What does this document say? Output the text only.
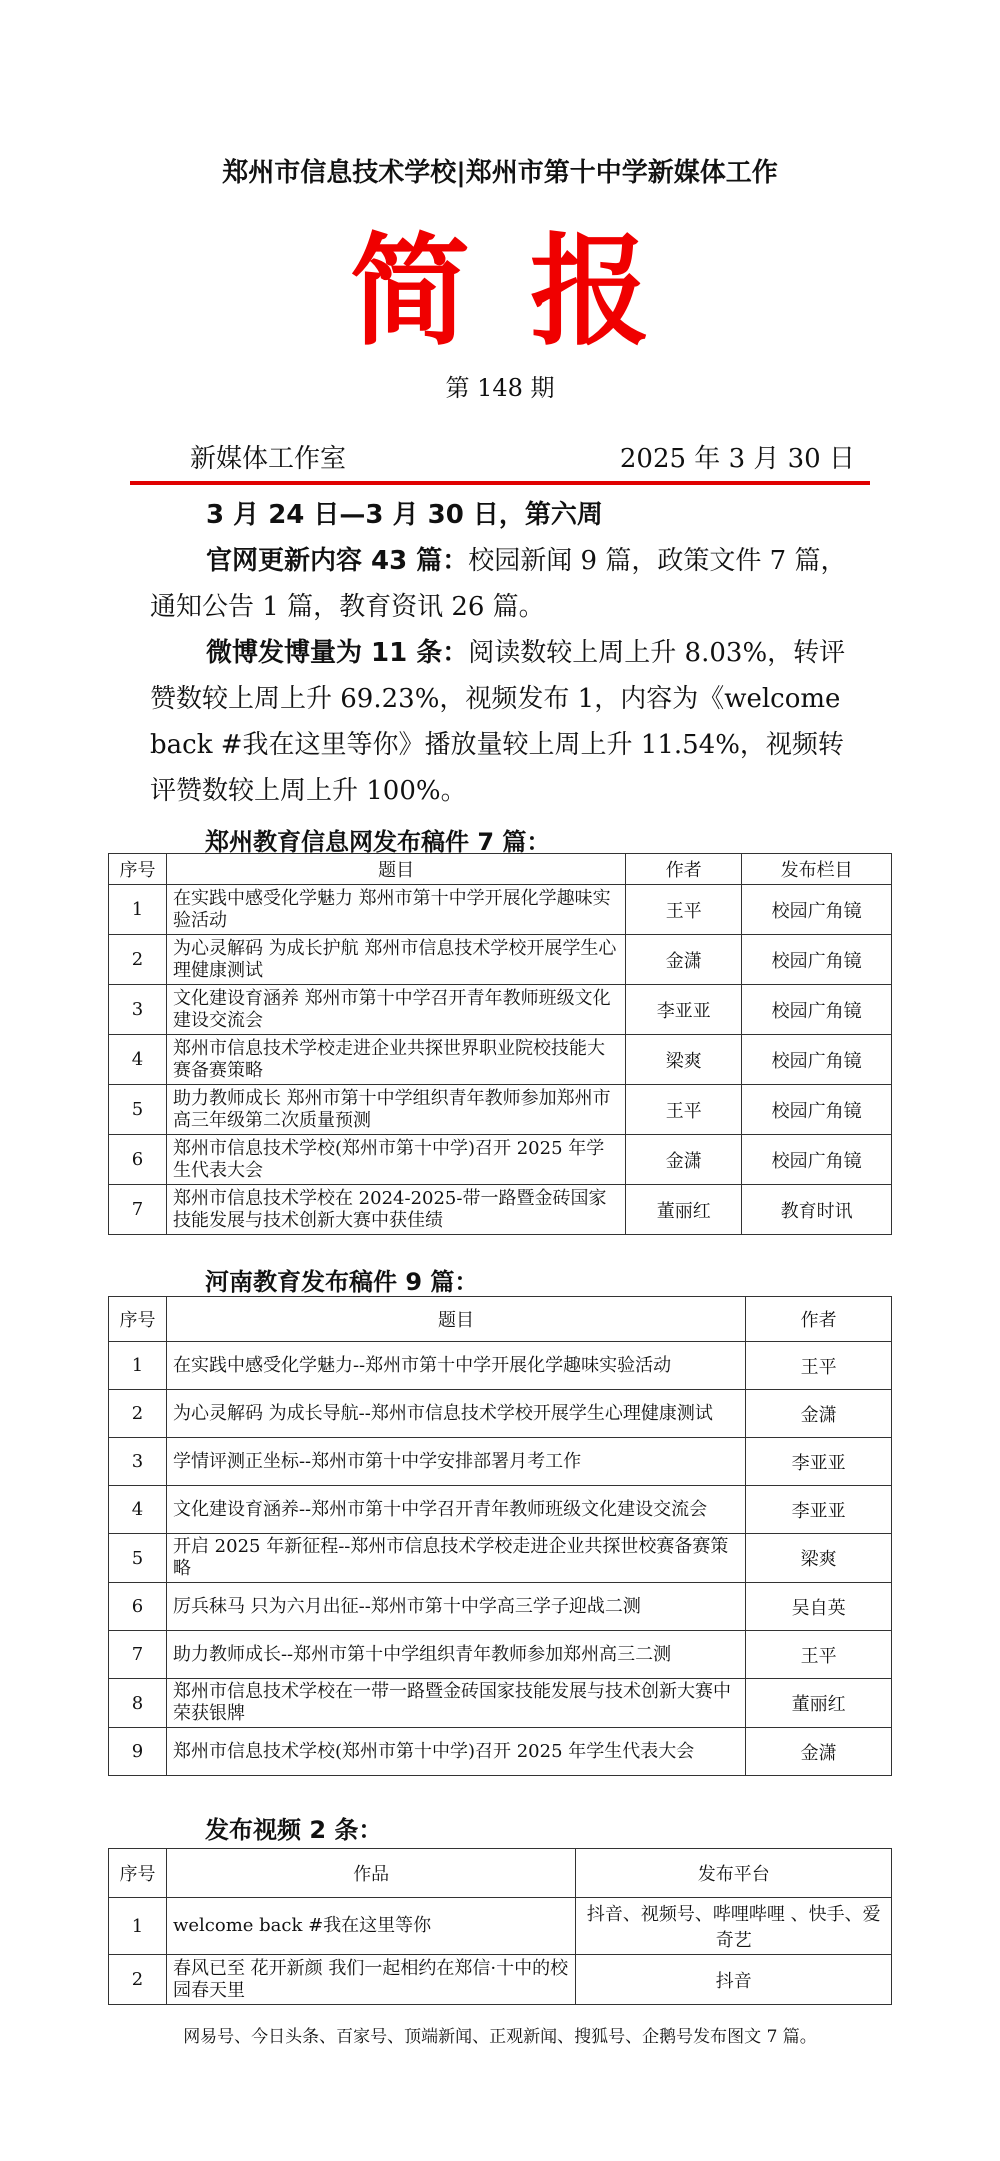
郑州市信息技术学校|郑州市第十中学新媒体工作
简报
第 148 期
新媒体工作室	2025 年 3 月 30 日
3 月 24 日—3 月 30 日，第六周
官网更新内容 43 篇：校园新闻 9 篇，政策文件 7 篇，通知公告 1 篇，教育资讯 26 篇。
微博发博量为 11 条：阅读数较上周上升 8.03%，转评赞数较上周上升 69.23%，视频发布 1，内容为《welcome back #我在这里等你》播放量较上周上升 11.54%，视频转评赞数较上周上升 100%。
郑州教育信息网发布稿件 7 篇：
序号	题目	作者	发布栏目
1	在实践中感受化学魅力 郑州市第十中学开展化学趣味实验活动	王平	校园广角镜
2	为心灵解码 为成长护航 郑州市信息技术学校开展学生心理健康测试	金潇	校园广角镜
3	文化建设育涵养 郑州市第十中学召开青年教师班级文化建设交流会	李亚亚	校园广角镜
4	郑州市信息技术学校走进企业共探世界职业院校技能大赛备赛策略	梁爽	校园广角镜
5	助力教师成长 郑州市第十中学组织青年教师参加郑州市高三年级第二次质量预测	王平	校园广角镜
6	郑州市信息技术学校(郑州市第十中学)召开 2025 年学生代表大会	金潇	校园广角镜
7	郑州市信息技术学校在 2024-2025-带一路暨金砖国家技能发展与技术创新大赛中获佳绩	董丽红	教育时讯
河南教育发布稿件 9 篇：
序号	题目	作者
1	在实践中感受化学魅力--郑州市第十中学开展化学趣味实验活动	王平
2	为心灵解码 为成长导航--郑州市信息技术学校开展学生心理健康测试	金潇
3	学情评测正坐标--郑州市第十中学安排部署月考工作	李亚亚
4	文化建设育涵养--郑州市第十中学召开青年教师班级文化建设交流会	李亚亚
5	开启 2025 年新征程--郑州市信息技术学校走进企业共探世校赛备赛策略	梁爽
6	厉兵秣马 只为六月出征--郑州市第十中学高三学子迎战二测	吴自英
7	助力教师成长--郑州市第十中学组织青年教师参加郑州高三二测	王平
8	郑州市信息技术学校在一带一路暨金砖国家技能发展与技术创新大赛中荣获银牌	董丽红
9	郑州市信息技术学校(郑州市第十中学)召开 2025 年学生代表大会	金潇
发布视频 2 条：
序号	作品	发布平台
1	welcome back #我在这里等你	抖音、视频号、哔哩哔哩 、快手、爱奇艺
2	春风已至 花开新颜 我们一起相约在郑信·十中的校园春天里	抖音
网易号、今日头条、百家号、顶端新闻、正观新闻、搜狐号、企鹅号发布图文 7 篇。
